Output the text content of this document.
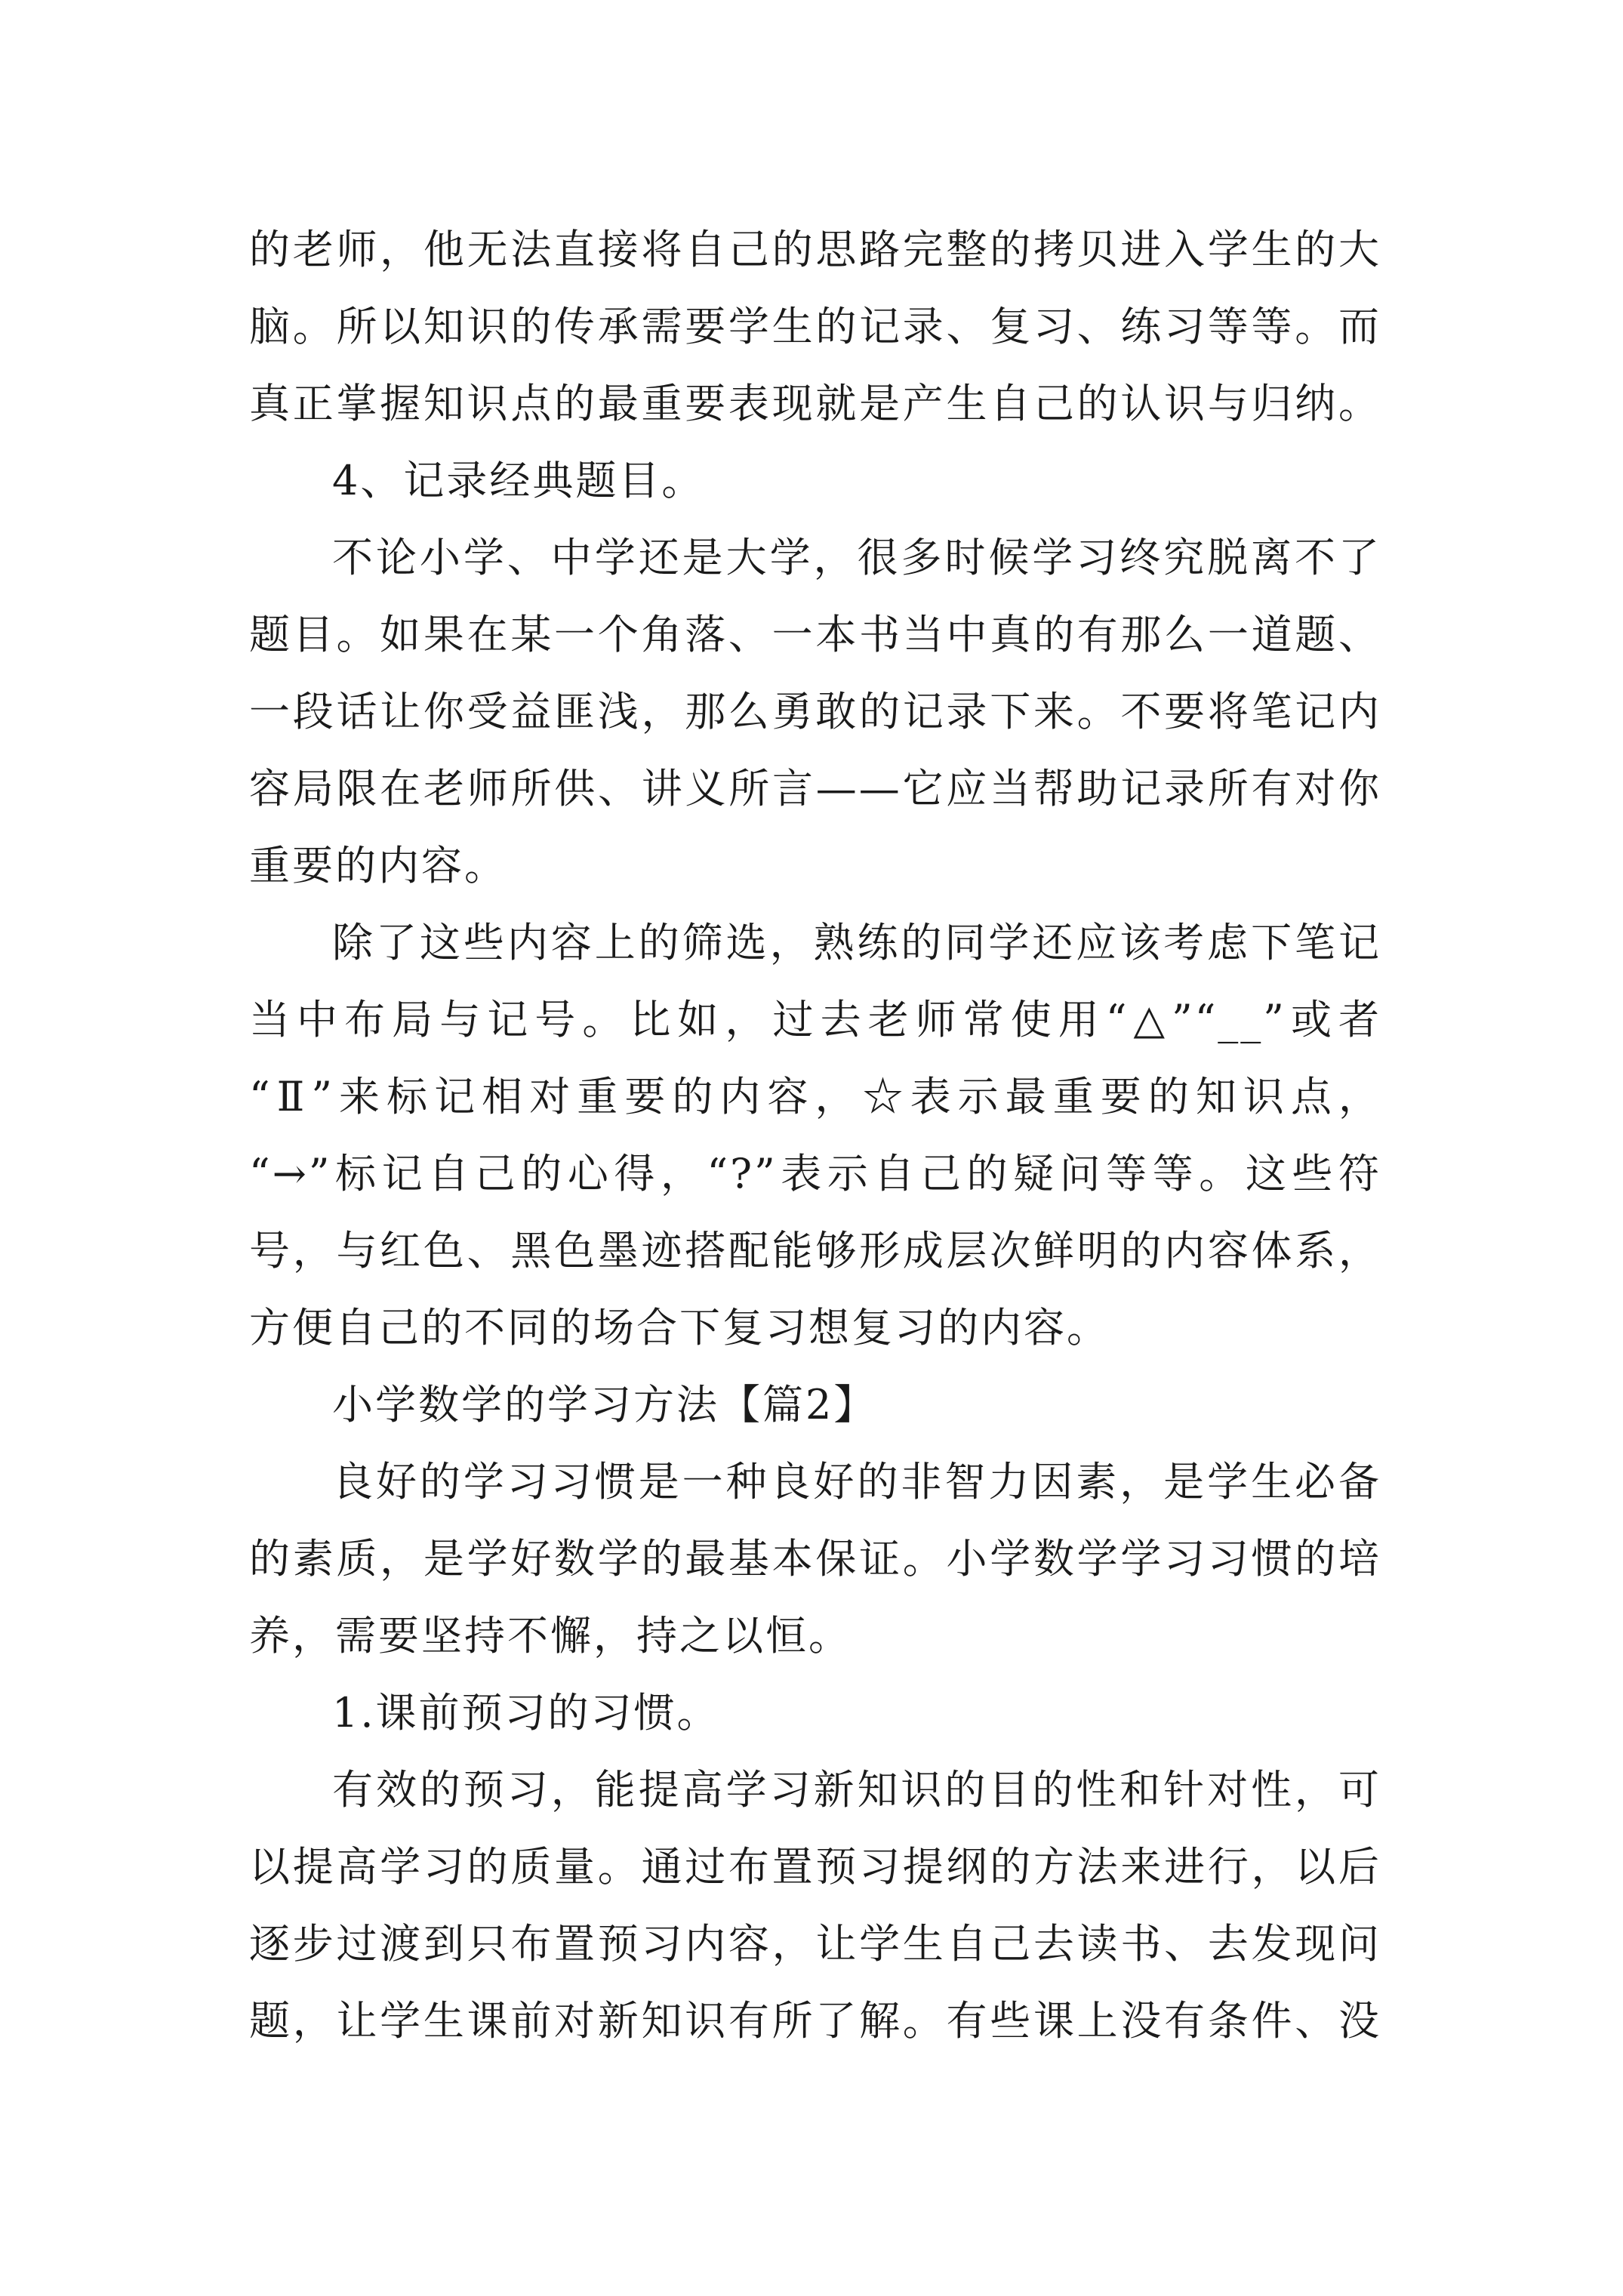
的老师，他无法直接将自己的思路完整的拷贝进入学生的大
脑。所以知识的传承需要学生的记录、复习、练习等等。而
真正掌握知识点的最重要表现就是产生自己的认识与归纳。
4、记录经典题目。
不论小学、中学还是大学，很多时候学习终究脱离不了
题目。如果在某一个角落、一本书当中真的有那么一道题、
一段话让你受益匪浅，那么勇敢的记录下来。不要将笔记内
容局限在老师所供、讲义所言——它应当帮助记录所有对你
重要的内容。
除了这些内容上的筛选，熟练的同学还应该考虑下笔记
当中布局与记号。比如，过去老师常使用“△”“__”或者
“Ⅱ”来标记相对重要的内容，☆表示最重要的知识点，
“→”标记自己的心得，“?”表示自己的疑问等等。这些符
号，与红色、黑色墨迹搭配能够形成层次鲜明的内容体系，
方便自己的不同的场合下复习想复习的内容。
小学数学的学习方法【篇2】
良好的学习习惯是一种良好的非智力因素，是学生必备
的素质，是学好数学的最基本保证。小学数学学习习惯的培
养，需要坚持不懈，持之以恒。
1.课前预习的习惯。
有效的预习，能提高学习新知识的目的性和针对性，可
以提高学习的质量。通过布置预习提纲的方法来进行，以后
逐步过渡到只布置预习内容，让学生自己去读书、去发现问
题，让学生课前对新知识有所了解。有些课上没有条件、没
